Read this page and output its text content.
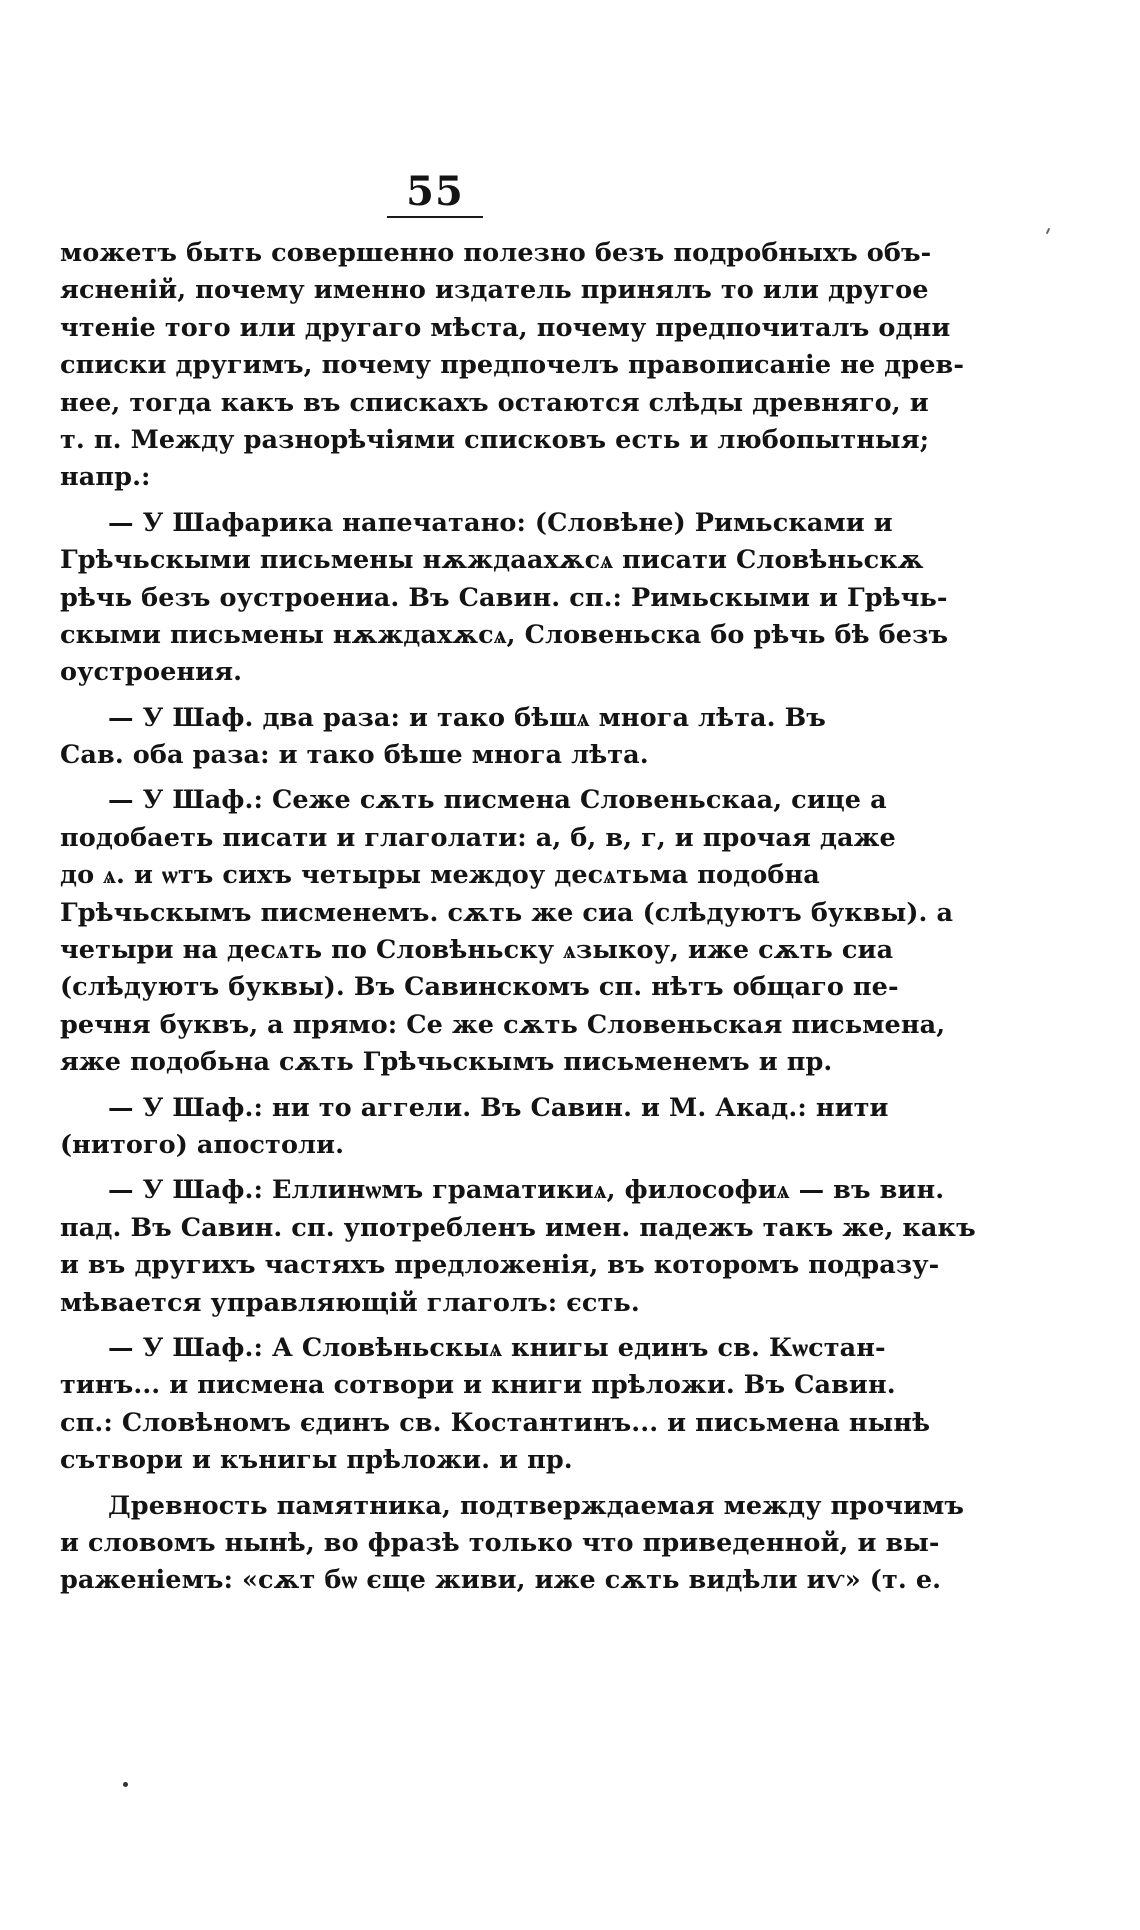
55
можетъ быть совершенно полезно безъ подробныхъ объ-
ясненій, почему именно издатель принялъ то или другое
чтеніе того или другаго мѣста, почему предпочиталъ одни
списки другимъ, почему предпочелъ правописаніе не древ-
нее, тогда какъ въ спискахъ остаются слѣды древняго, и
т. п. Между разнорѣчіями списковъ есть и любопытныя;
напр.:
— У Шафарика напечатано: (Словѣне) Римьсками и
Грѣчьскыми письмены нѫждаахѫсѧ писати Словѣньскѫ
рѣчь безъ оустроениа. Въ Савин. сп.: Римьскыми и Грѣчь-
скыми письмены нѫждахѫсѧ, Словеньска бо рѣчь бѣ безъ
оустроения.
— У Шаф. два раза: и тако бѣшѧ многа лѣта. Въ
Сав. оба раза: и тако бѣше многа лѣта.
— У Шаф.: Сеже сѫть писмена Словеньскаа, сице а
подобаеть писати и глаголати: а, б, в, г, и прочая даже
до ѧ. и ѡтъ сихъ четыры междоу десѧтьма подобна
Грѣчьскымъ писменемъ. сѫть же сиа (слѣдуютъ буквы). а
четыри на десѧть по Словѣньску ѧзыкоу, иже сѫть сиа
(слѣдуютъ буквы). Въ Савинскомъ сп. нѣтъ общаго пе-
речня буквъ, а прямо: Се же сѫть Словеньская письмена,
яже подобьна сѫть Грѣчьскымъ письменемъ и пр.
— У Шаф.: ни то аггели. Въ Савин. и М. Акад.: нити
(нитого) апостоли.
— У Шаф.: Еллинѡмъ граматикиѧ, философиѧ — въ вин.
пад. Въ Савин. сп. употребленъ имен. падежъ такъ же, какъ
и въ другихъ частяхъ предложенія, въ которомъ подразу-
мѣвается управляющій глаголъ: єсть.
— У Шаф.: А Словѣньскыѧ книгы единъ св. Кѡстан-
тинъ... и писмена сотвори и книги прѣложи. Въ Савин.
сп.: Словѣномъ єдинъ св. Костантинъ... и письмена нынѣ
сътвори и кънигы прѣложи. и пр.
Древность памятника, подтверждаемая между прочимъ
и словомъ нынѣ, во фразѣ только что приведенной, и вы-
раженіемъ: «сѫт бѡ єще живи, иже сѫть видѣли иѵ» (т. е.
